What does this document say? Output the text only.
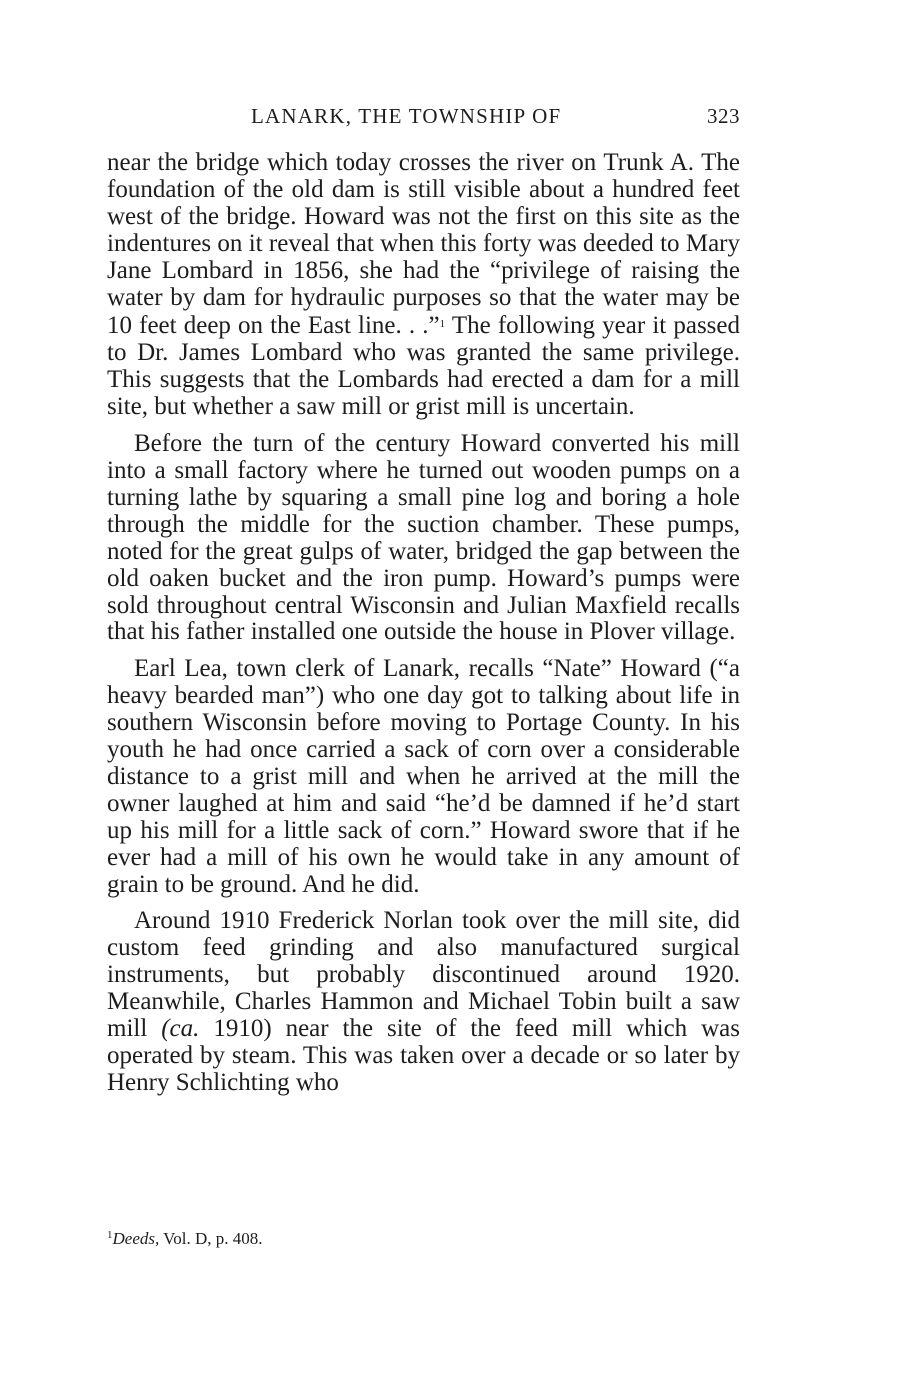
LANARK, THE TOWNSHIP OF	323

near the bridge which today crosses the river on Trunk A. The foundation of the old dam is still visible about a hundred feet west of the bridge. Howard was not the first on this site as the indentures on it reveal that when this forty was deeded to Mary Jane Lombard in 1856, she had the “privilege of raising the water by dam for hydraulic purposes so that the water may be 10 feet deep on the East line. . .”$^1$ The following year it passed to Dr. James Lombard who was granted the same privilege. This suggests that the Lombards had erected a dam for a mill site, but whether a saw mill or grist mill is uncertain.

Before the turn of the century Howard converted his mill into a small factory where he turned out wooden pumps on a turning lathe by squaring a small pine log and boring a hole through the middle for the suction chamber. These pumps, noted for the great gulps of water, bridged the gap between the old oaken bucket and the iron pump. Howard’s pumps were sold throughout central Wisconsin and Julian Maxfield recalls that his father installed one outside the house in Plover village.

Earl Lea, town clerk of Lanark, recalls “Nate” Howard (“a heavy bearded man”) who one day got to talking about life in southern Wisconsin before moving to Portage County. In his youth he had once carried a sack of corn over a considerable distance to a grist mill and when he arrived at the mill the owner laughed at him and said “he’d be damned if he’d start up his mill for a little sack of corn.” Howard swore that if he ever had a mill of his own he would take in any amount of grain to be ground. And he did.

Around 1910 Frederick Norlan took over the mill site, did custom feed grinding and also manufactured surgical instruments, but probably discontinued around 1920. Meanwhile, Charles Hammon and Michael Tobin built a saw mill (ca. 1910) near the site of the feed mill which was operated by steam. This was taken over a decade or so later by Henry Schlichting who

$^1$Deeds, Vol. D, p. 408.
